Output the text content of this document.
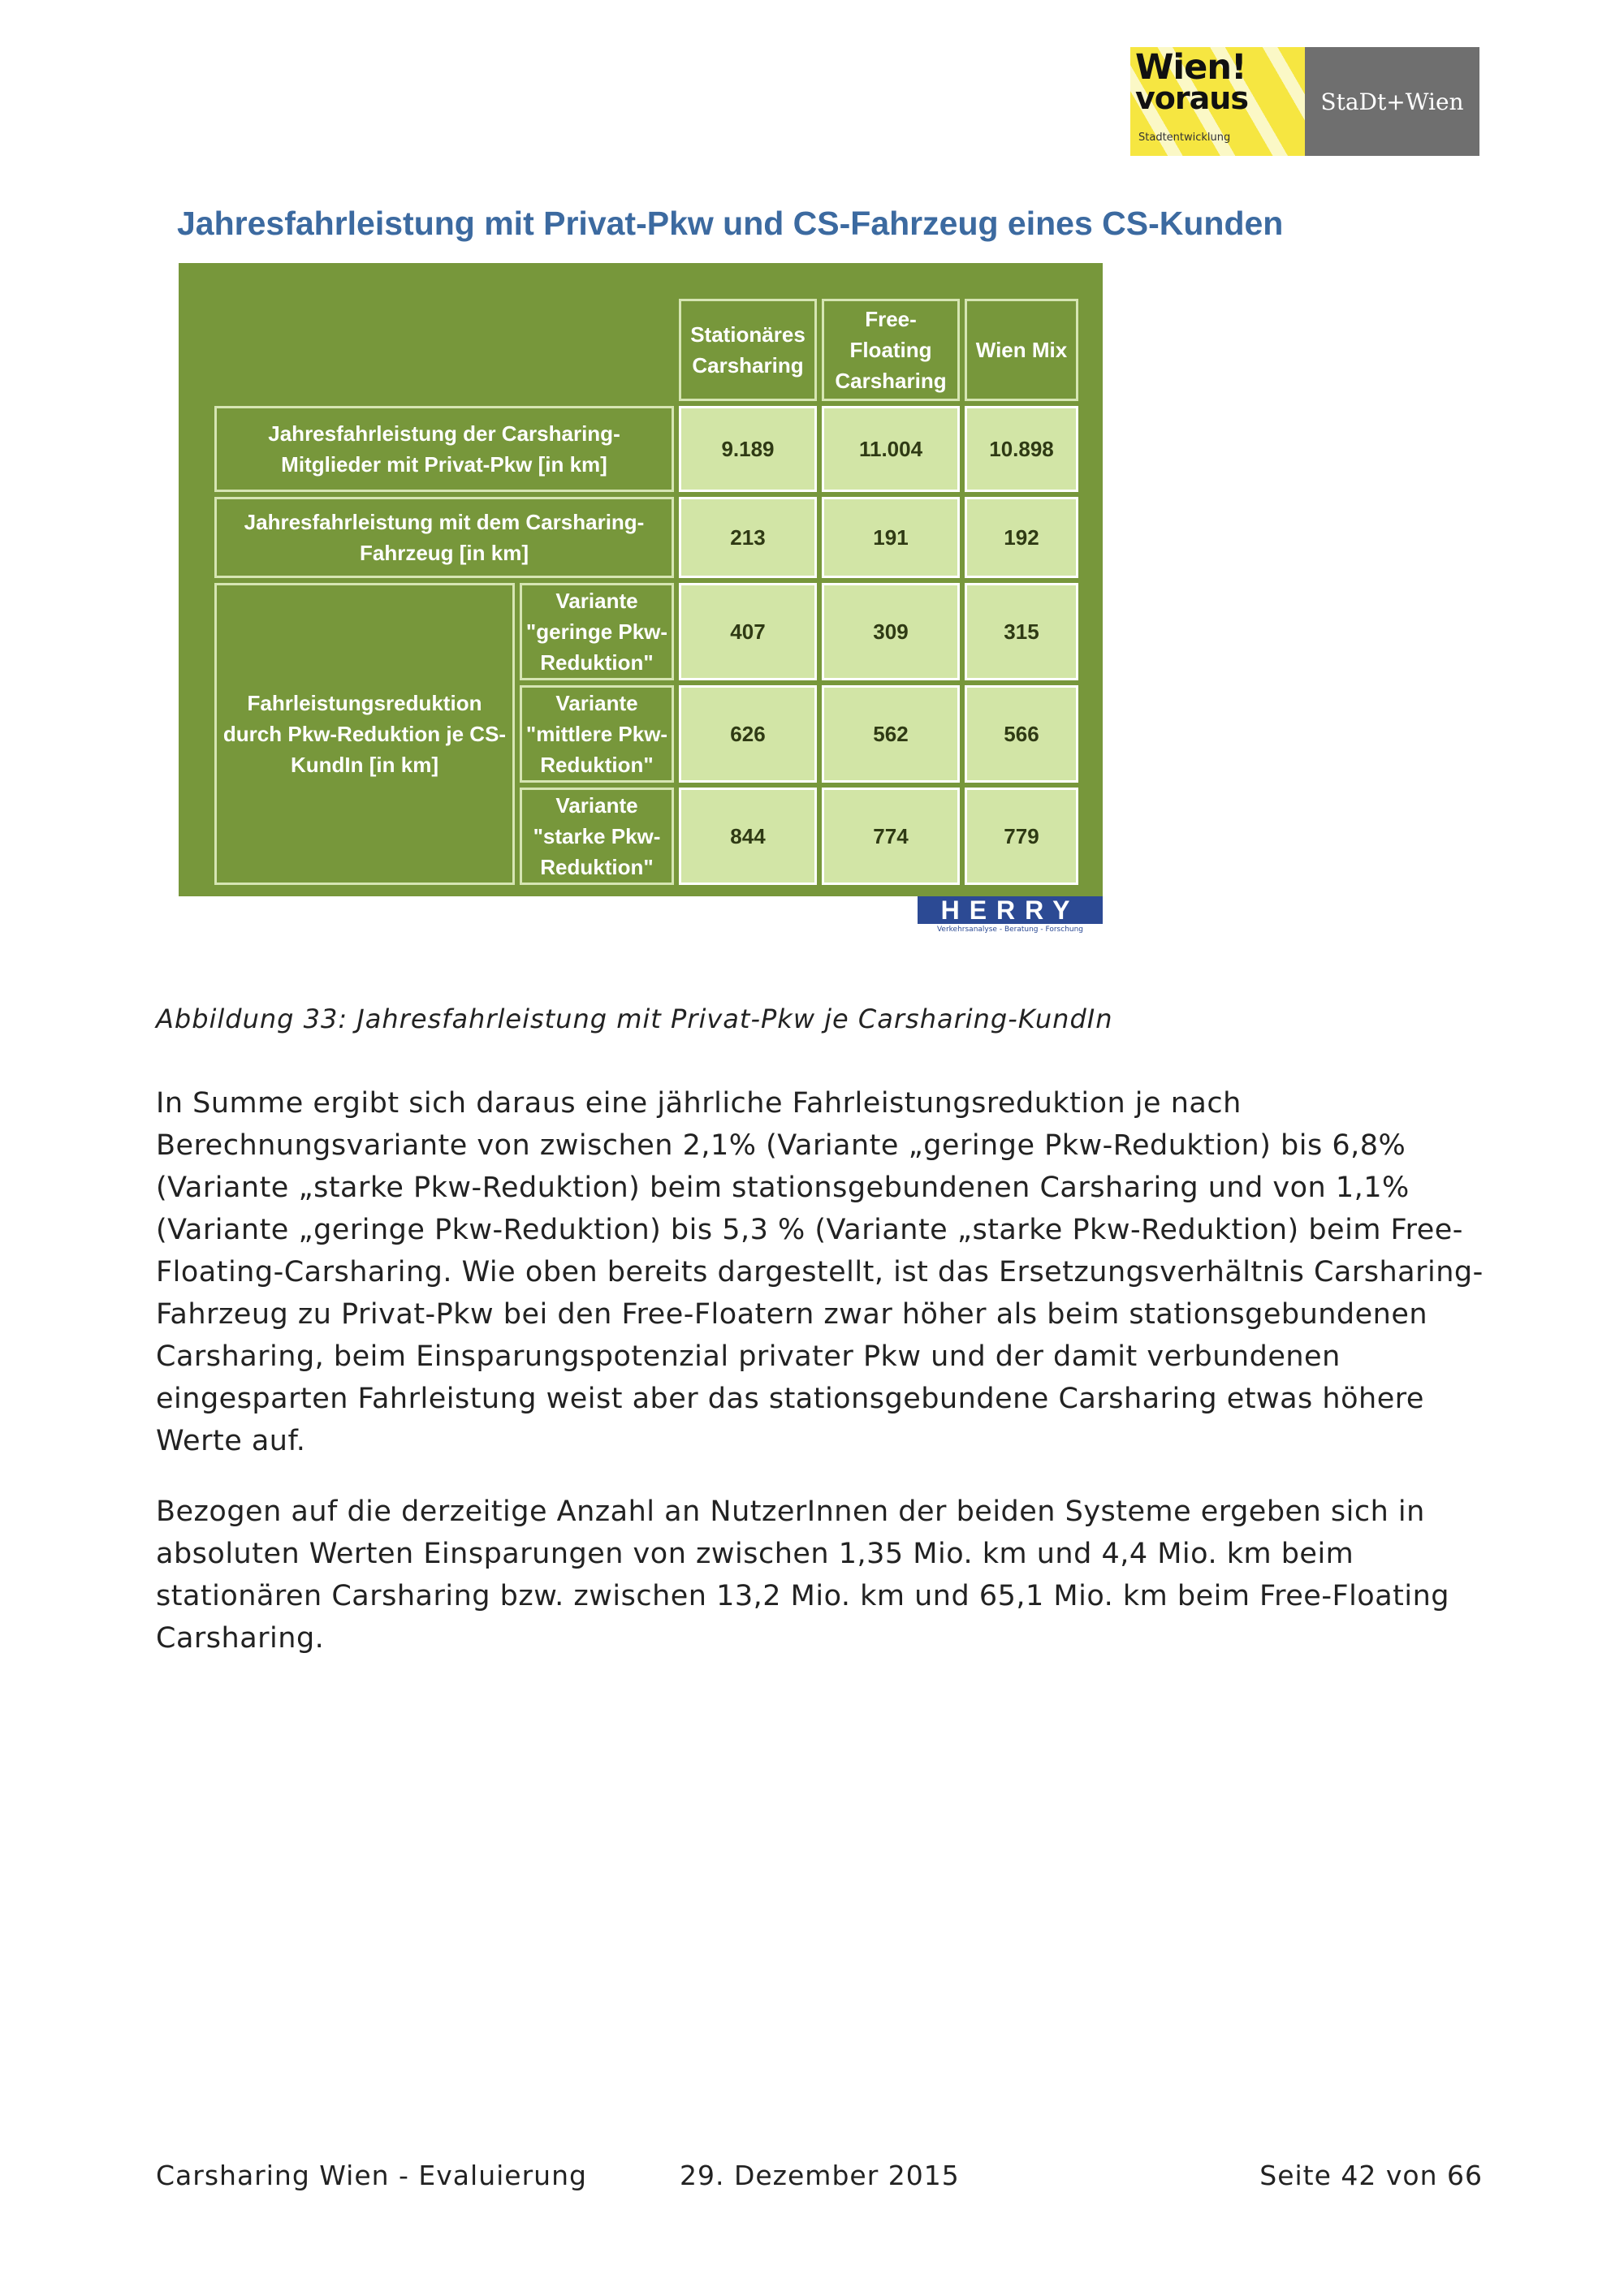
Wien!
voraus
Stadtentwicklung
StaDt+Wien
Jahresfahrleistung mit Privat-Pkw und CS-Fahrzeug eines CS-Kunden
		Stationäres Carsharing	Free-Floating Carsharing	Wien Mix
Jahresfahrleistung der Carsharing-Mitglieder mit Privat-Pkw [in km]		9.189	11.004	10.898
Jahresfahrleistung mit dem Carsharing-Fahrzeug [in km]		213	191	192
Fahrleistungsreduktion durch Pkw-Reduktion je CS-KundIn [in km]	Variante "geringe Pkw-Reduktion"	407	309	315
	Variante "mittlere Pkw-Reduktion"	626	562	566
	Variante "starke Pkw-Reduktion"	844	774	779
HERRY
Verkehrsanalyse - Beratung - Forschung
Abbildung 33: Jahresfahrleistung mit Privat-Pkw je Carsharing-KundIn

In Summe ergibt sich daraus eine jährliche Fahrleistungsreduktion je nach Berechnungsvariante von zwischen 2,1% (Variante „geringe Pkw-Reduktion) bis 6,8% (Variante „starke Pkw-Reduktion) beim stationsgebundenen Carsharing und von 1,1% (Variante „geringe Pkw-Reduktion) bis 5,3 % (Variante „starke Pkw-Reduktion) beim Free-Floating-Carsharing. Wie oben bereits dargestellt, ist das Ersetzungsverhältnis Carsharing-Fahrzeug zu Privat-Pkw bei den Free-Floatern zwar höher als beim stationsgebundenen Carsharing, beim Einsparungspotenzial privater Pkw und der damit verbundenen eingesparten Fahrleistung weist aber das stationsgebundene Carsharing etwas höhere Werte auf.

Bezogen auf die derzeitige Anzahl an NutzerInnen der beiden Systeme ergeben sich in absoluten Werten Einsparungen von zwischen 1,35 Mio. km und 4,4 Mio. km beim stationären Carsharing bzw. zwischen 13,2 Mio. km und 65,1 Mio. km beim Free-Floating Carsharing.

Carsharing Wien - Evaluierung	29. Dezember 2015	Seite 42 von 66
